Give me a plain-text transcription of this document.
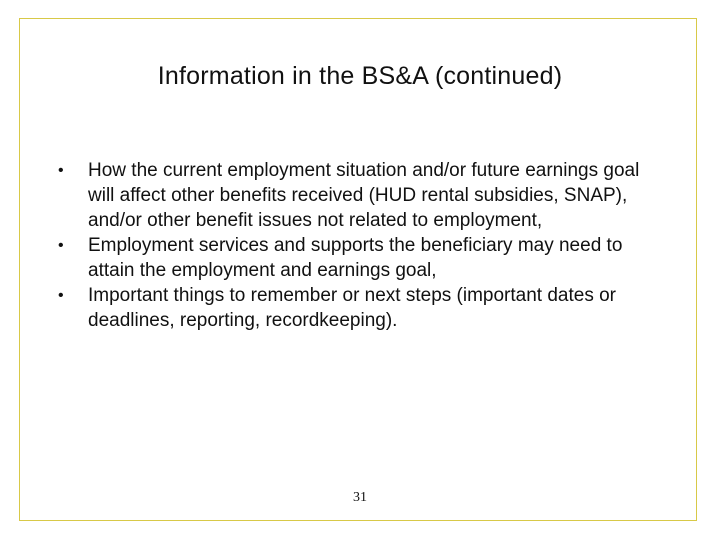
Information in the BS&A (continued)
• How the current employment situation and/or future earnings goal will affect other benefits received (HUD rental subsidies, SNAP), and/or other benefit issues not related to employment,
• Employment services and supports the beneficiary may need to attain the employment and earnings goal,
• Important things to remember or next steps (important dates or deadlines, reporting, recordkeeping).
31
